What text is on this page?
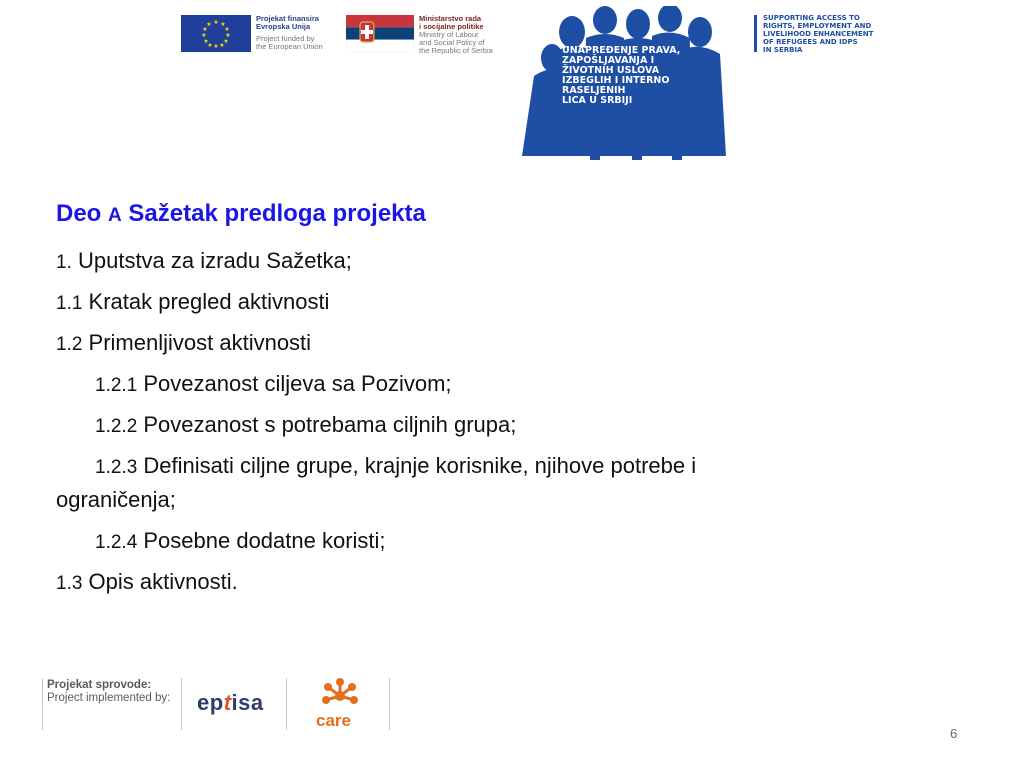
★ ★
★
★
★
★
★
★
★
★
★
★
Projekat finansira
Evropska Unija
Project funded by
the European Union
Ministarstvo rada
i socijalne politike
Ministry of Labour
and Social Policy of
the Republic of Serbia	UNAPREĐENJE PRAVA,
ZAPOŠLJAVANJA I
ŽIVOTNIH USLOVA
IZBEGLIH I INTERNO
RASELJENIH
LICA U SRBIJI
SUPPORTING ACCESS TO
RIGHTS, EMPLOYMENT AND
LIVELIHOOD ENHANCEMENT
OF REFUGEES AND IDPS
IN SERBIA
Deo A Sažetak predloga projekta
1. Uputstva za izradu Sažetka;
1.1 Kratak pregled aktivnosti
1.2 Primenljivost aktivnosti
1.2.1 Povezanost ciljeva sa Pozivom;
1.2.2 Povezanost s potrebama ciljnih grupa;
1.2.3 Definisati ciljne grupe, krajnje korisnike, njihove potrebe i
ograničenja;
1.2.4 Posebne dodatne koristi;
1.3 Opis aktivnosti.
Projekat sprovode:
Project implemented by: eptisa
care
6
